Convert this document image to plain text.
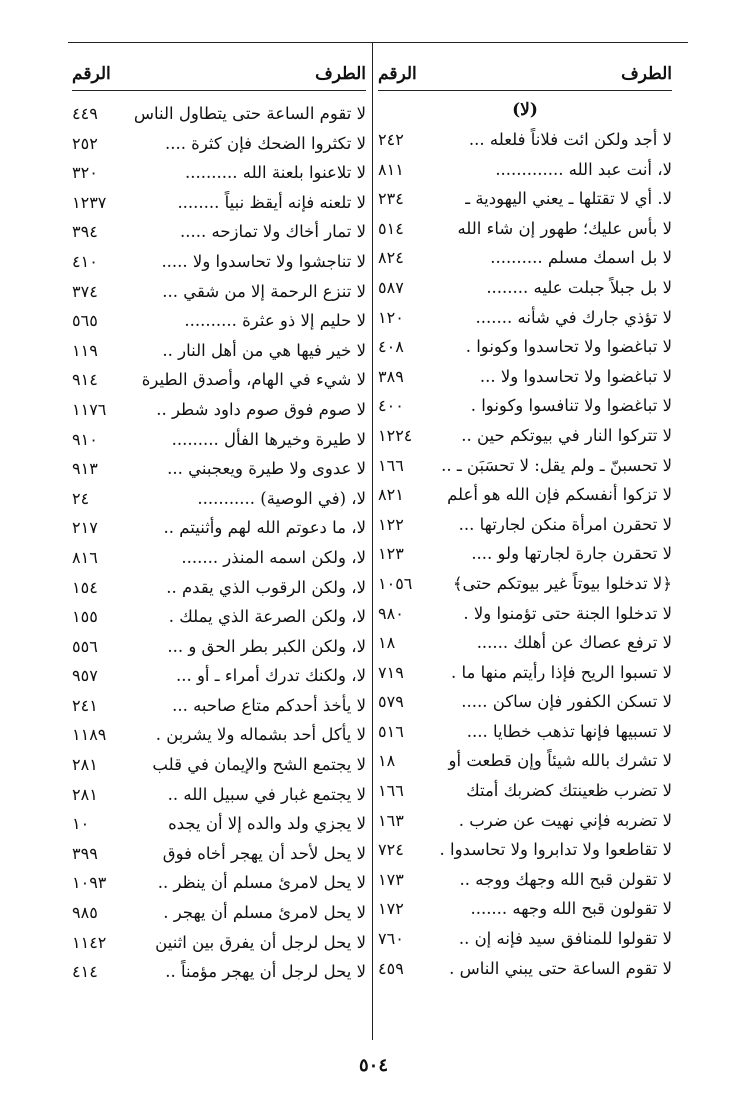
الطرف
الرقم
(لا)
لا أجد ولكن ائت فلاناً فلعله ...
٢٤٢
لا، أنت عبد الله .............
٨١١
لا. أي لا تقتلها ـ يعني اليهودية ـ
٢٣٤
لا بأس عليك؛ طهور إن شاء الله
٥١٤
لا بل اسمك مسلم ..........
٨٢٤
لا بل جبلاً جبلت عليه ........
٥٨٧
لا تؤذي جارك في شأنه .......
١٢٠
لا تباغضوا ولا تحاسدوا وكونوا .
٤٠٨
لا تباغضوا ولا تحاسدوا ولا ...
٣٨٩
لا تباغضوا ولا تنافسوا وكونوا .
٤٠٠
لا تتركوا النار في بيوتكم حين ..
١٢٢٤
لا تحسبنّ ـ ولم يقل: لا تحسَبَن ـ ..
١٦٦
لا تزكوا أنفسكم فإن الله هو أعلم
٨٢١
لا تحقرن امرأة منكن لجارتها ...
١٢٢
لا تحقرن جارة لجارتها ولو ....
١٢٣
﴿لا تدخلوا بيوتاً غير بيوتكم حتى﴾
١٠٥٦
لا تدخلوا الجنة حتى تؤمنوا ولا .
٩٨٠
لا ترفع عصاك عن أهلك ......
١٨
لا تسبوا الريح فإذا رأيتم منها ما .
٧١٩
لا تسكن الكفور فإن ساكن .....
٥٧٩
لا تسبيها فإنها تذهب خطايا ....
٥١٦
لا تشرك بالله شيئاً وإن قطعت أو
١٨
لا تضرب ظعينتك كضربك أمتك
١٦٦
لا تضربه فإني نهيت عن ضرب .
١٦٣
لا تقاطعوا ولا تدابروا ولا تحاسدوا .
٧٢٤
لا تقولن قبح الله وجهك ووجه ..
١٧٣
لا تقولون قبح الله وجهه .......
١٧٢
لا تقولوا للمنافق سيد فإنه إن ..
٧٦٠
لا تقوم الساعة حتى يبني الناس .
٤٥٩
الطرف
الرقم
لا تقوم الساعة حتى يتطاول الناس
٤٤٩
لا تكثروا الضحك فإن كثرة ....
٢٥٢
لا تلاعنوا بلعنة الله ..........
٣٢٠
لا تلعنه فإنه أيقظ نبياً ........
١٢٣٧
لا تمار أخاك ولا تمازحه .....
٣٩٤
لا تناجشوا ولا تحاسدوا ولا .....
٤١٠
لا تنزع الرحمة إلا من شقي ...
٣٧٤
لا حليم إلا ذو عثرة ..........
٥٦٥
لا خير فيها هي من أهل النار ..
١١٩
لا شيء في الهام، وأصدق الطيرة
٩١٤
لا صوم فوق صوم داود شطر ..
١١٧٦
لا طيرة وخيرها الفأل .........
٩١٠
لا عدوى ولا طيرة ويعجبني ...
٩١٣
لا، (في الوصية) ...........
٢٤
لا، ما دعوتم الله لهم وأثنيتم ..
٢١٧
لا، ولكن اسمه المنذر .......
٨١٦
لا، ولكن الرقوب الذي يقدم ..
١٥٤
لا، ولكن الصرعة الذي يملك .
١٥٥
لا، ولكن الكبر بطر الحق و ...
٥٥٦
لا، ولكنك تدرك أمراء ـ أو ...
٩٥٧
لا يأخذ أحدكم متاع صاحبه ...
٢٤١
لا يأكل أحد بشماله ولا يشربن .
١١٨٩
لا يجتمع الشح والإيمان في قلب
٢٨١
لا يجتمع غبار في سبيل الله ..
٢٨١
لا يجزي ولد والده إلا أن يجده
١٠
لا يحل لأحد أن يهجر أخاه فوق
٣٩٩
لا يحل لامرئ مسلم أن ينظر ..
١٠٩٣
لا يحل لامرئ مسلم أن يهجر .
٩٨٥
لا يحل لرجل أن يفرق بين اثنين
١١٤٢
لا يحل لرجل أن يهجر مؤمناً ..
٤١٤
٥٠٤
